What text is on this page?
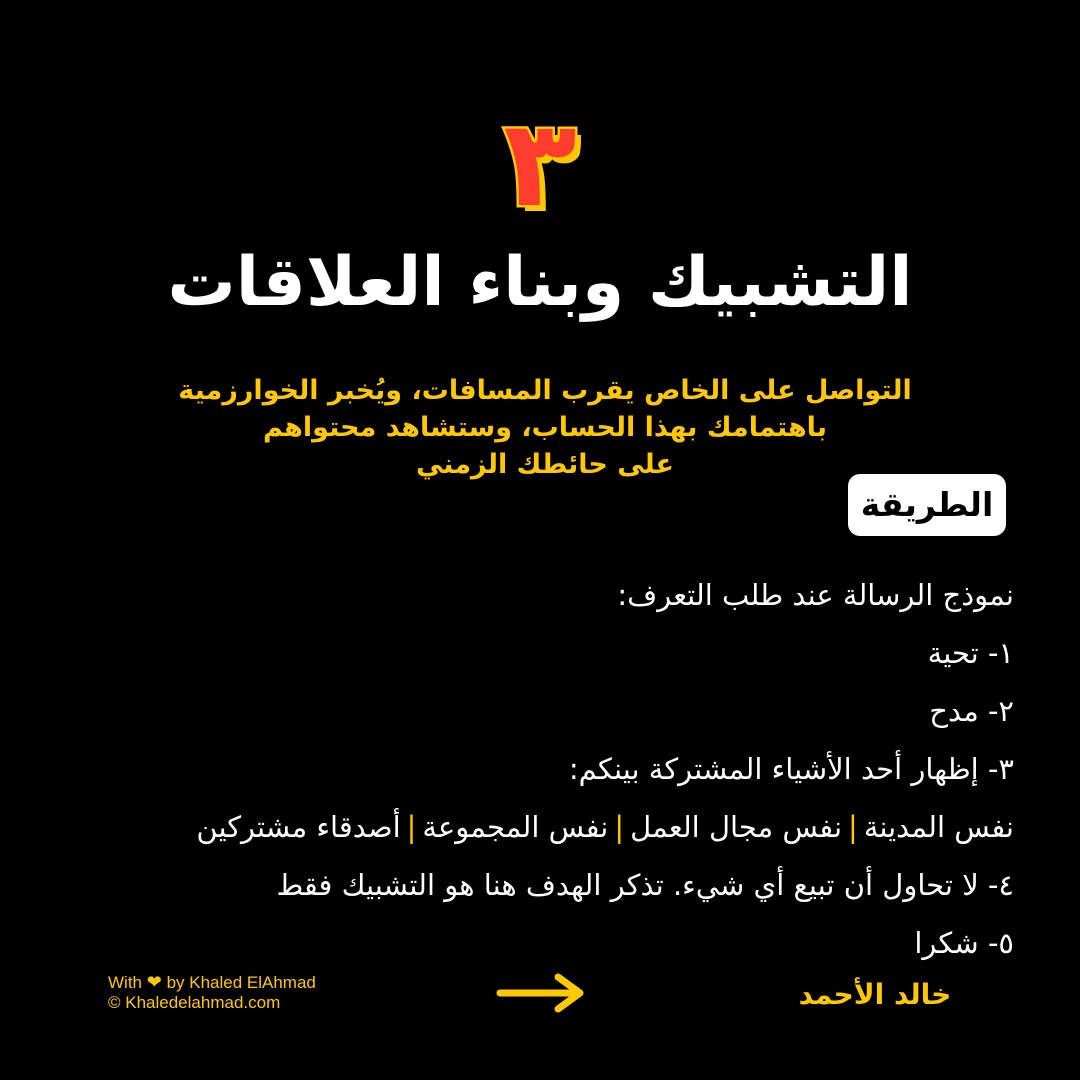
٣
التشبيك وبناء العلاقات
التواصل على الخاص يقرب المسافات، ويُخبر الخوارزمية
باهتمامك بهذا الحساب، وستشاهد محتواهم
على حائطك الزمني
الطريقة
نموذج الرسالة عند طلب التعرف:
١- تحية
٢- مدح
٣- إظهار أحد الأشياء المشتركة بينكم:
نفس المدينة|نفس مجال العمل|نفس المجموعة|أصدقاء مشتركين
٤- لا تحاول أن تبيع أي شيء. تذكر الهدف هنا هو التشبيك فقط
٥- شكرا
With ❤ by Khaled ElAhmad
© Khaledelahmad.com	خالد الأحمد
